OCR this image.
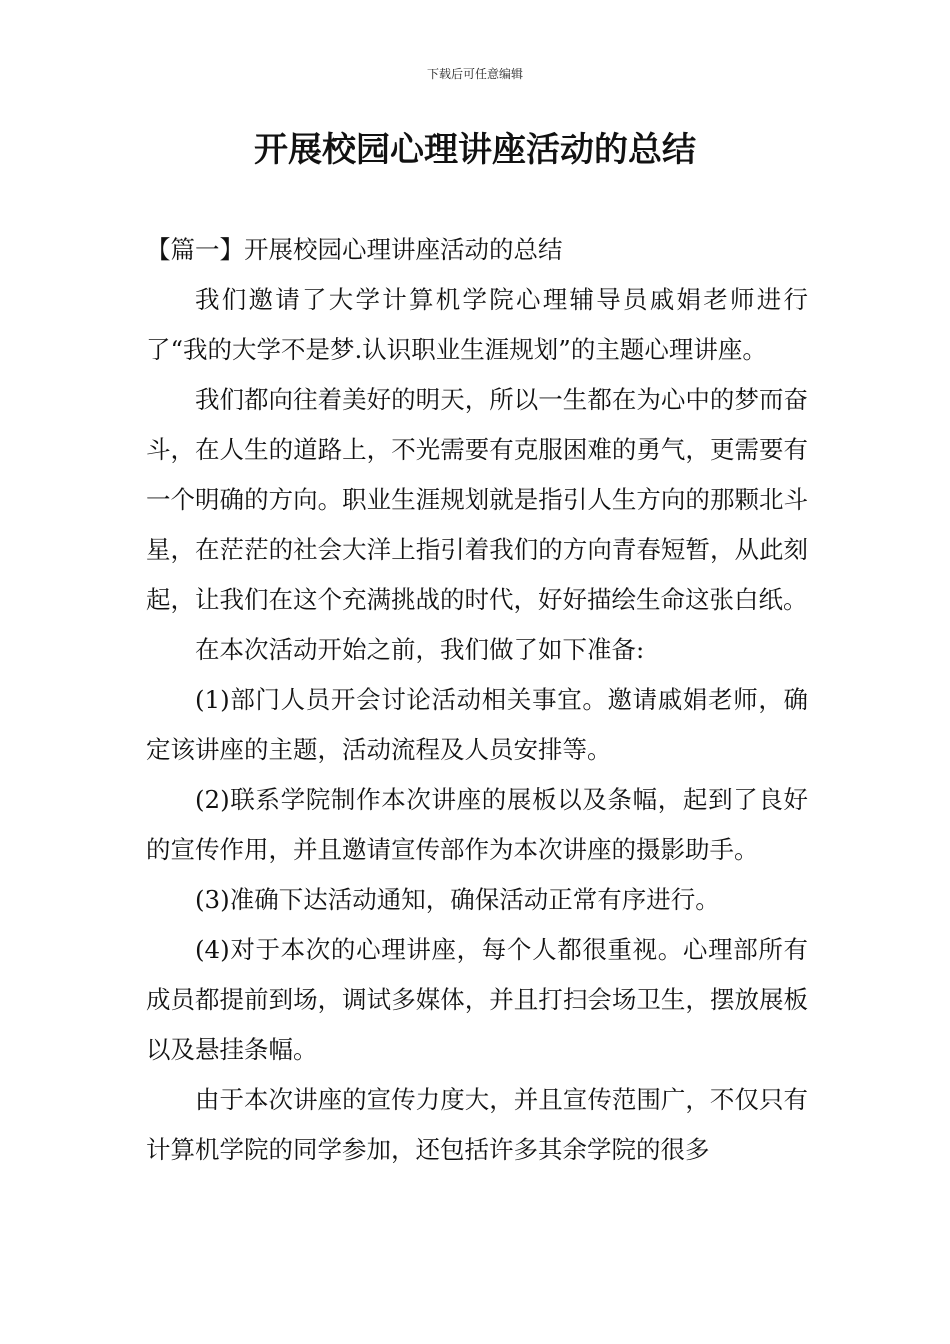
下载后可任意编辑
开展校园心理讲座活动的总结

【篇一】开展校园心理讲座活动的总结

我们邀请了大学计算机学院心理辅导员戚娟老师进行了“我的大学不是梦.认识职业生涯规划”的主题心理讲座。

我们都向往着美好的明天，所以一生都在为心中的梦而奋斗，在人生的道路上，不光需要有克服困难的勇气，更需要有一个明确的方向。职业生涯规划就是指引人生方向的那颗北斗星，在茫茫的社会大洋上指引着我们的方向青春短暂，从此刻起，让我们在这个充满挑战的时代，好好描绘生命这张白纸。

在本次活动开始之前，我们做了如下准备:

(1)部门人员开会讨论活动相关事宜。邀请戚娟老师，确定该讲座的主题，活动流程及人员安排等。

(2)联系学院制作本次讲座的展板以及条幅，起到了良好的宣传作用，并且邀请宣传部作为本次讲座的摄影助手。

(3)准确下达活动通知，确保活动正常有序进行。

(4)对于本次的心理讲座，每个人都很重视。心理部所有成员都提前到场，调试多媒体，并且打扫会场卫生，摆放展板以及悬挂条幅。

由于本次讲座的宣传力度大，并且宣传范围广，不仅只有计算机学院的同学参加，还包括许多其余学院的很多
